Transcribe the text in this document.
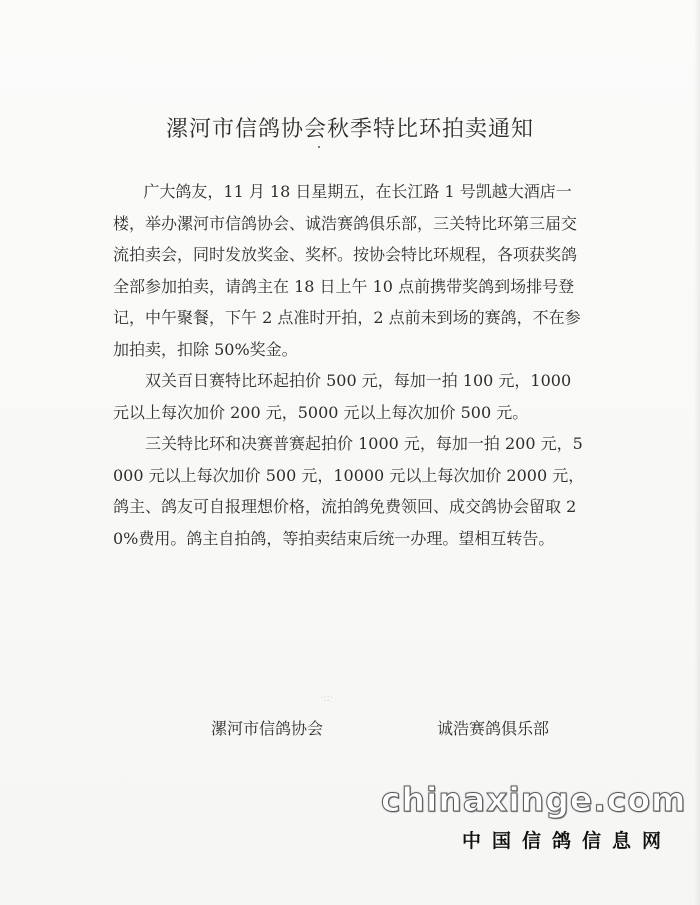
漯河市信鸽协会秋季特比环拍卖通知

广大鸽友，11 月 18 日星期五，在长江路 1 号凯越大酒店一楼，举办漯河市信鸽协会、诚浩赛鸽俱乐部，三关特比环第三届交流拍卖会，同时发放奖金、奖杯。按协会特比环规程，各项获奖鸽全部参加拍卖，请鸽主在 18 日上午 10 点前携带奖鸽到场排号登记，中午聚餐，下午 2 点准时开拍，2 点前未到场的赛鸽，不在参加拍卖，扣除 50%奖金。

双关百日赛特比环起拍价 500 元，每加一拍 100 元，1000 元以上每次加价 200 元，5000 元以上每次加价 500 元。

三关特比环和决赛普赛起拍价 1000 元，每加一拍 200 元，5000 元以上每次加价 500 元，10000 元以上每次加价 2000 元，鸽主、鸽友可自报理想价格，流拍鸽免费领回、成交鸽协会留取 20%费用。鸽主自拍鸽，等拍卖结束后统一办理。望相互转告。

·::·
漯河市信鸽协会	诚浩赛鸽俱乐部
chinaxinge.com
中国信鸽信息网
